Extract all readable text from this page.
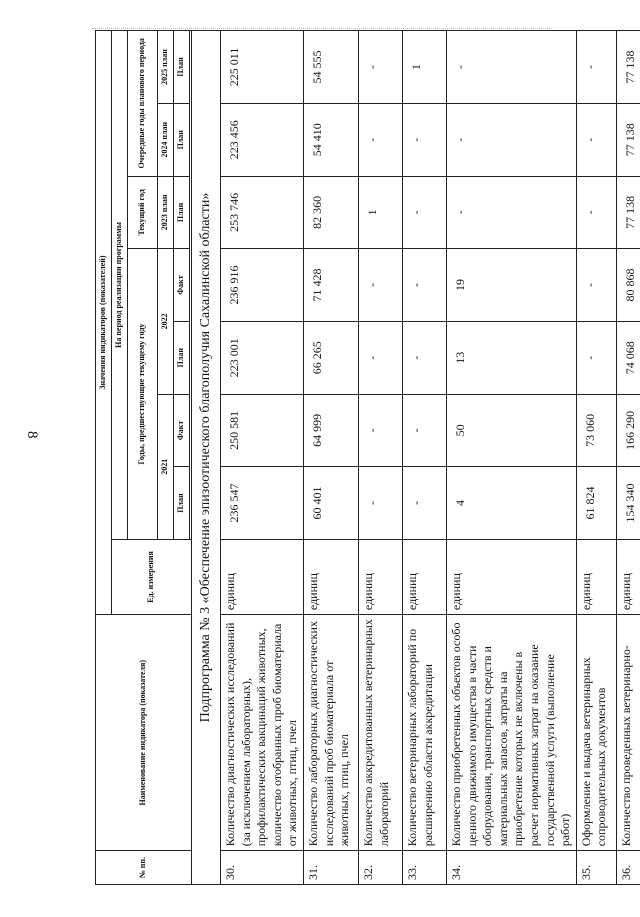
8
№ пп.	Наименование индикатора (показателя)	Значения индикаторов (показателей)							
		Ед. измерения	На период реализации программы						
			Годы, предшествующие текущему году				Текущий год	Очередные годы планового периода	
			2021		2022		2023 план	2024 план	2025 план
			План	Факт	План	Факт	План	План	План

Подпрограмма № 3 «Обеспечение эпизоотического благополучия Сахалинской области»									
30.	Количество диагностических исследований (за исключением лабораторных), профилактических вакцинаций животных, количество отобранных проб биоматериала от животных, птиц, пчел	единиц	236 547	250 581	223 001	236 916	253 746	223 456	225 011
31.	Количество лабораторных диагностических исследований проб биоматериала от животных, птиц, пчел	единиц	60 401	64 999	66 265	71 428	82 360	54 410	54 555
32.	Количество аккредитованных ветеринарных лабораторий	единиц	-	-	-	-	1	-	-
33.	Количество ветеринарных лабораторий по расширению области аккредитации	единиц	-	-	-	-	-	-	1
34.	Количество приобретенных объектов особо ценного движимого имущества в части оборудования, транспортных средств и материальных запасов, затраты на приобретение которых не включены в расчет нормативных затрат на оказание государственной услуги (выполнение работ)	единиц	4	50	13	19	-	-	-
35.	Оформление и выдача ветеринарных сопроводительных документов	единиц	61 824	73 060	-	-	-	-	-
36.	Количество проведенных ветеринарно-	единиц	154 340	166 290	74 068	80 868	77 138	77 138	77 138
